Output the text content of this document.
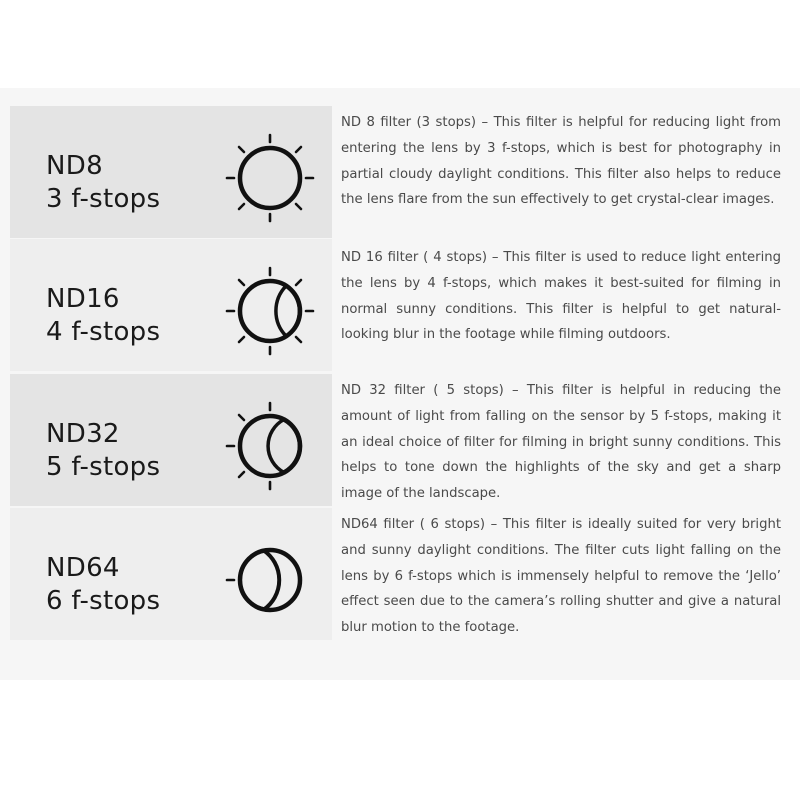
ND8
3 f-stops
ND 8 filter (3 stops) – This filter is helpful for reducing light from entering the lens by 3 f-stops, which is best for photography in partial cloudy daylight conditions. This filter also helps to reduce the lens flare from the sun effectively to get crystal-clear images.
ND16
4 f-stops
ND 16 filter ( 4 stops) – This filter is used to reduce light entering the lens by 4 f-stops, which makes it best-suited for filming in normal sunny conditions. This filter is helpful to get natural-looking blur in the footage while filming outdoors.
ND32
5 f-stops
ND 32 filter ( 5 stops) – This filter is helpful in reducing the amount of light from falling on the sensor by 5 f-stops, making it an ideal choice of filter for filming in bright sunny conditions. This helps to tone down the highlights of the sky and get a sharp image of the landscape.
ND64
6 f-stops
ND64 filter ( 6 stops) – This filter is ideally suited for very bright and sunny daylight conditions. The filter cuts light falling on the lens by 6 f-stops which is immensely helpful to remove the ‘Jello’ effect seen due to the camera’s rolling shutter and give a natural blur motion to the footage.
